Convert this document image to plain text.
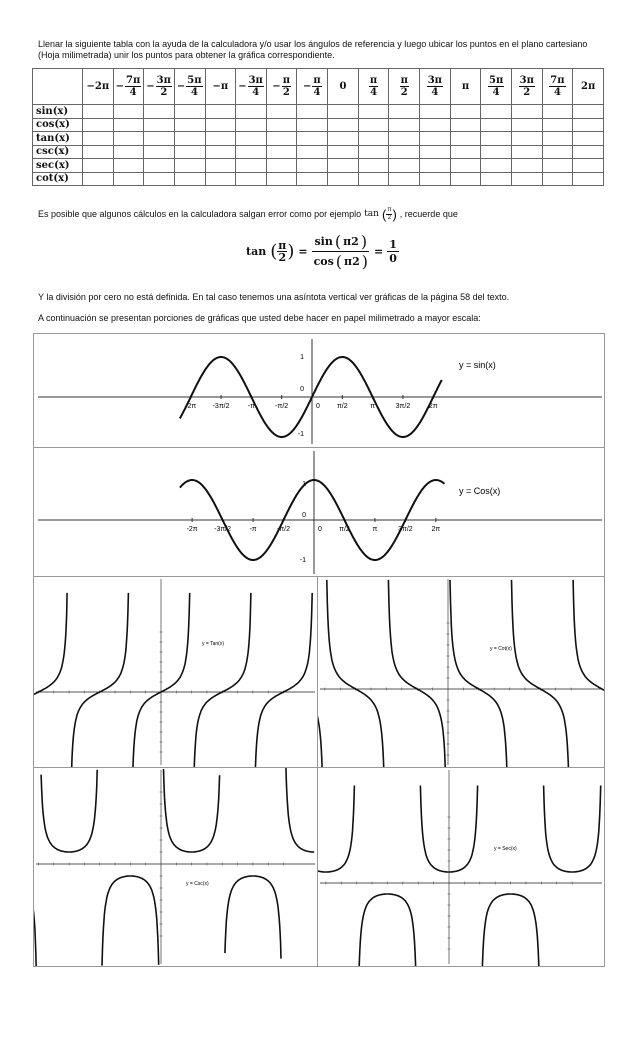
Llenar la siguiente tabla con la ayuda de la calculadora y/o usar los ángulos de referencia y luego ubicar los puntos en el plano cartesiano (Hoja milimetrada) unir los puntos para obtener la gráfica correspondiente.

	−2π	− $\frac{7\pi}{4}$	− $\frac{3\pi}{2}$	− $\frac{5\pi}{4}$	−π	− $\frac{3\pi}{4}$	− $\frac{\pi}{2}$	− $\frac{\pi}{4}$	0	$\frac{\pi}{4}$	$\frac{\pi}{2}$	$\frac{3\pi}{4}$	π	$\frac{5\pi}{4}$	$\frac{3\pi}{2}$	$\frac{7\pi}{4}$	2π

sin(x)																	
cos(x)																	
tan(x)																	
csc(x)																	
sec(x)																	
cot(x)																	
Es posible que algunos cálculos en la calculadora salgan error como por ejemplo tan ( $\frac{\pi}{2}$ ) , recuerde que
tan ( $\frac{\pi}{2}$ ) = $\frac{\sin ( \pi 2 )}{\cos ( \pi 2 )} = \frac{1}{0}$
Y la división por cero no está definida. En tal caso tenemos una asíntota vertical ver gráficas de la página 58 del texto.
A continuación se presentan porciones de gráficas que usted debe hacer en papel milimetrado a mayor escala:
-2π -3π/2	-π	-π/2	0 π/2	π	3π/2	2π
1
0
-1
y = sin(x)
-2π -3π/2	-π	-π/2	0 π/2	π	3π/2	2π
1
0
-1
y = Cos(x)
y = Tan(x)
y = Cot(x)
y = Csc(x)
y = Sec(x)
